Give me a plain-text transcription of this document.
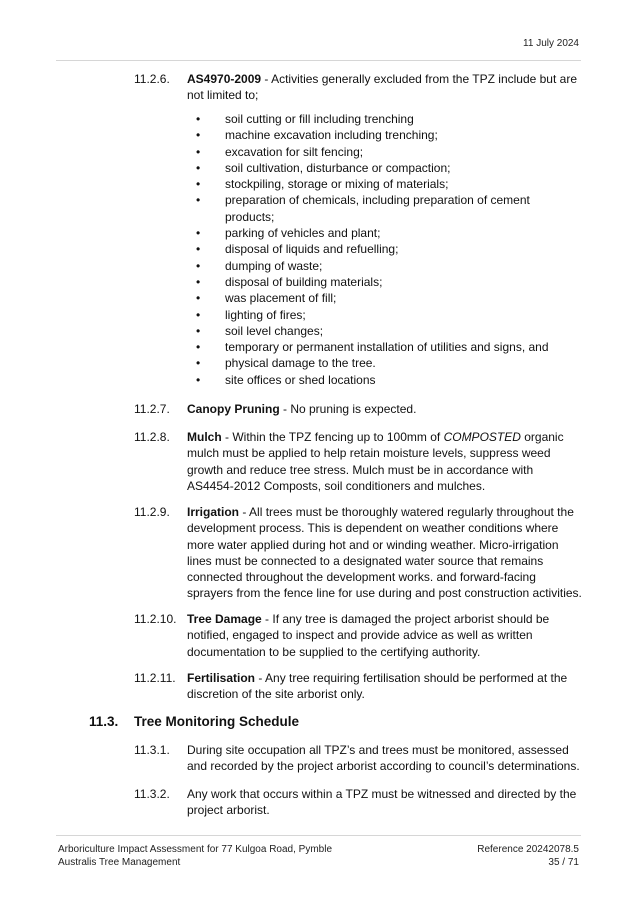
11 July 2024
11.2.6. AS4970-2009 - Activities generally excluded from the TPZ include but are not limited to;
• soil cutting or fill including trenching
• machine excavation including trenching;
• excavation for silt fencing;
• soil cultivation, disturbance or compaction;
• stockpiling, storage or mixing of materials;
• preparation of chemicals, including preparation of cement products;
• parking of vehicles and plant;
• disposal of liquids and refuelling;
• dumping of waste;
• disposal of building materials;
• was placement of fill;
• lighting of fires;
• soil level changes;
• temporary or permanent installation of utilities and signs, and
• physical damage to the tree.
• site offices or shed locations
11.2.7. Canopy Pruning - No pruning is expected.
11.2.8. Mulch - Within the TPZ fencing up to 100mm of COMPOSTED organic mulch must be applied to help retain moisture levels, suppress weed growth and reduce tree stress. Mulch must be in accordance with AS4454-2012 Composts, soil conditioners and mulches.
11.2.9. Irrigation - All trees must be thoroughly watered regularly throughout the development process. This is dependent on weather conditions where more water applied during hot and or winding weather. Micro-irrigation lines must be connected to a designated water source that remains connected throughout the development works. and forward-facing sprayers from the fence line for use during and post construction activities.
11.2.10. Tree Damage - If any tree is damaged the project arborist should be notified, engaged to inspect and provide advice as well as written documentation to be supplied to the certifying authority.
11.2.11. Fertilisation - Any tree requiring fertilisation should be performed at the discretion of the site arborist only.
11.3. Tree Monitoring Schedule
11.3.1. During site occupation all TPZ’s and trees must be monitored, assessed and recorded by the project arborist according to council’s determinations.
11.3.2. Any work that occurs within a TPZ must be witnessed and directed by the project arborist.
Arboriculture Impact Assessment for 77 Kulgoa Road, Pymble
Australis Tree Management
Reference 20242078.5
35 / 71
